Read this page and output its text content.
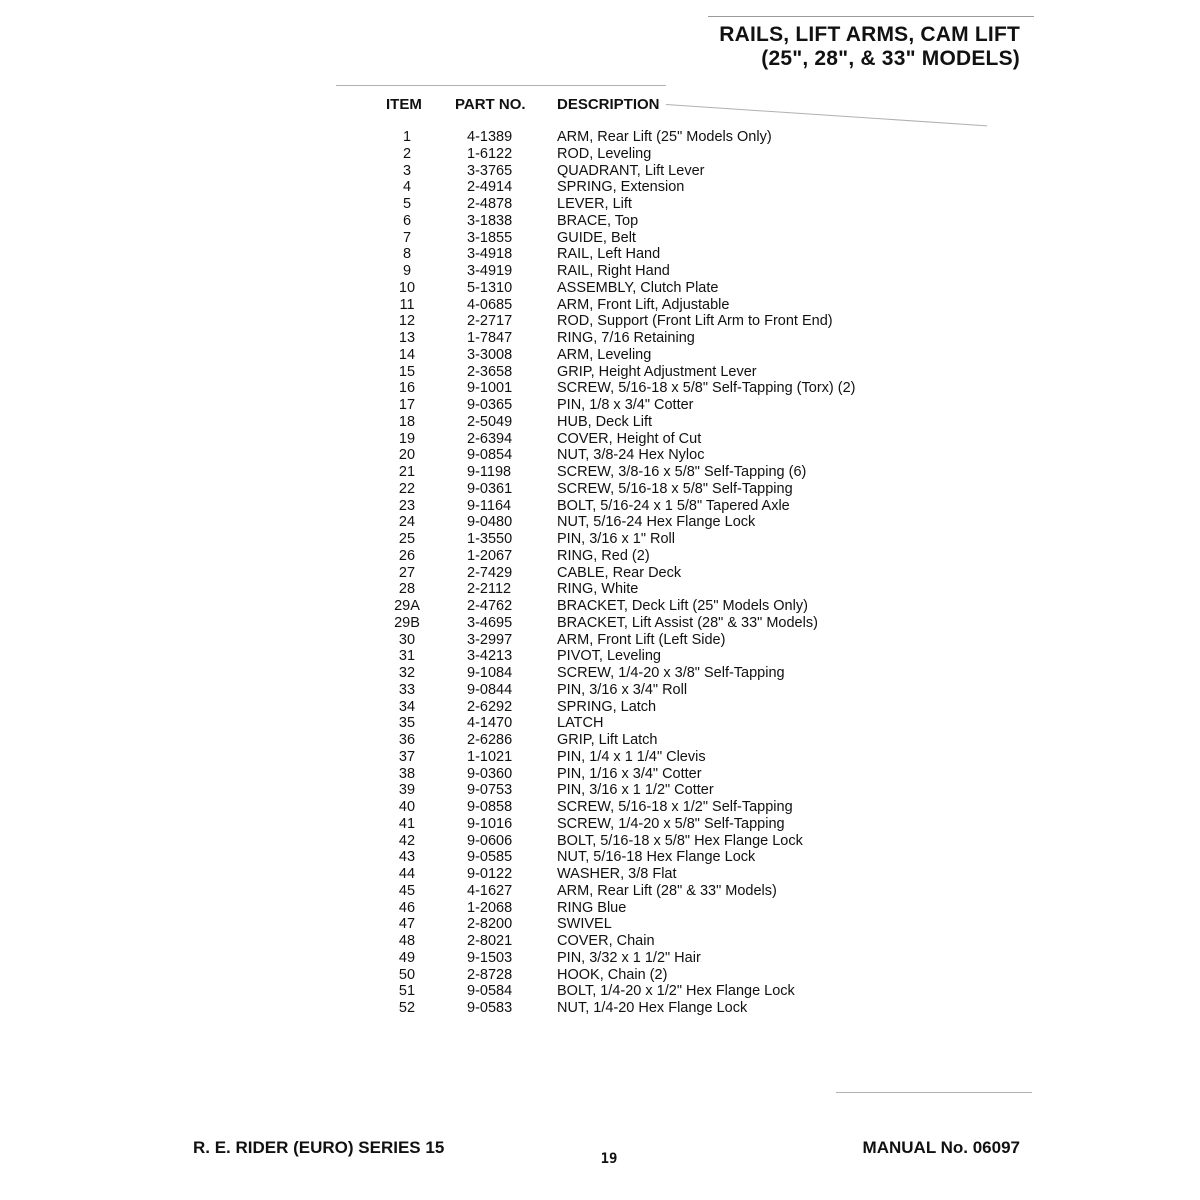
RAILS, LIFT ARMS, CAM LIFT
(25", 28", & 33" MODELS)
ITEM PART NO. DESCRIPTION
1	4-1389	ARM, Rear Lift (25" Models Only)
2	1-6122	ROD, Leveling
3	3-3765	QUADRANT, Lift Lever
4	2-4914	SPRING, Extension
5	2-4878	LEVER, Lift
6	3-1838	BRACE, Top
7	3-1855	GUIDE, Belt
8	3-4918	RAIL, Left Hand
9	3-4919	RAIL, Right Hand
10	5-1310	ASSEMBLY, Clutch Plate
11	4-0685	ARM, Front Lift, Adjustable
12	2-2717	ROD, Support (Front Lift Arm to Front End)
13	1-7847	RING, 7/16 Retaining
14	3-3008	ARM, Leveling
15	2-3658	GRIP, Height Adjustment Lever
16	9-1001	SCREW, 5/16-18 x 5/8" Self-Tapping (Torx) (2)
17	9-0365	PIN, 1/8 x 3/4" Cotter
18	2-5049	HUB, Deck Lift
19	2-6394	COVER, Height of Cut
20	9-0854	NUT, 3/8-24 Hex Nyloc
21	9-1198	SCREW, 3/8-16 x 5/8" Self-Tapping (6)
22	9-0361	SCREW, 5/16-18 x 5/8" Self-Tapping
23	9-1164	BOLT, 5/16-24 x 1 5/8" Tapered Axle
24	9-0480	NUT, 5/16-24 Hex Flange Lock
25	1-3550	PIN, 3/16 x 1" Roll
26	1-2067	RING, Red (2)
27	2-7429	CABLE, Rear Deck
28	2-2112	RING, White
29A	2-4762	BRACKET, Deck Lift (25" Models Only)
29B	3-4695	BRACKET, Lift Assist (28" & 33" Models)
30	3-2997	ARM, Front Lift (Left Side)
31	3-4213	PIVOT, Leveling
32	9-1084	SCREW, 1/4-20 x 3/8" Self-Tapping
33	9-0844	PIN, 3/16 x 3/4" Roll
34	2-6292	SPRING, Latch
35	4-1470	LATCH
36	2-6286	GRIP, Lift Latch
37	1-1021	PIN, 1/4 x 1 1/4" Clevis
38	9-0360	PIN, 1/16 x 3/4" Cotter
39	9-0753	PIN, 3/16 x 1 1/2" Cotter
40	9-0858	SCREW, 5/16-18 x 1/2" Self-Tapping
41	9-1016	SCREW, 1/4-20 x 5/8" Self-Tapping
42	9-0606	BOLT, 5/16-18 x 5/8" Hex Flange Lock
43	9-0585	NUT, 5/16-18 Hex Flange Lock
44	9-0122	WASHER, 3/8 Flat
45	4-1627	ARM, Rear Lift (28" & 33" Models)
46	1-2068	RING Blue
47	2-8200	SWIVEL
48	2-8021	COVER, Chain
49	9-1503	PIN, 3/32 x 1 1/2" Hair
50	2-8728	HOOK, Chain (2)
51	9-0584	BOLT, 1/4-20 x 1/2" Hex Flange Lock
52	9-0583	NUT, 1/4-20 Hex Flange Lock
R. E. RIDER (EURO) SERIES 15
19
MANUAL No. 06097
